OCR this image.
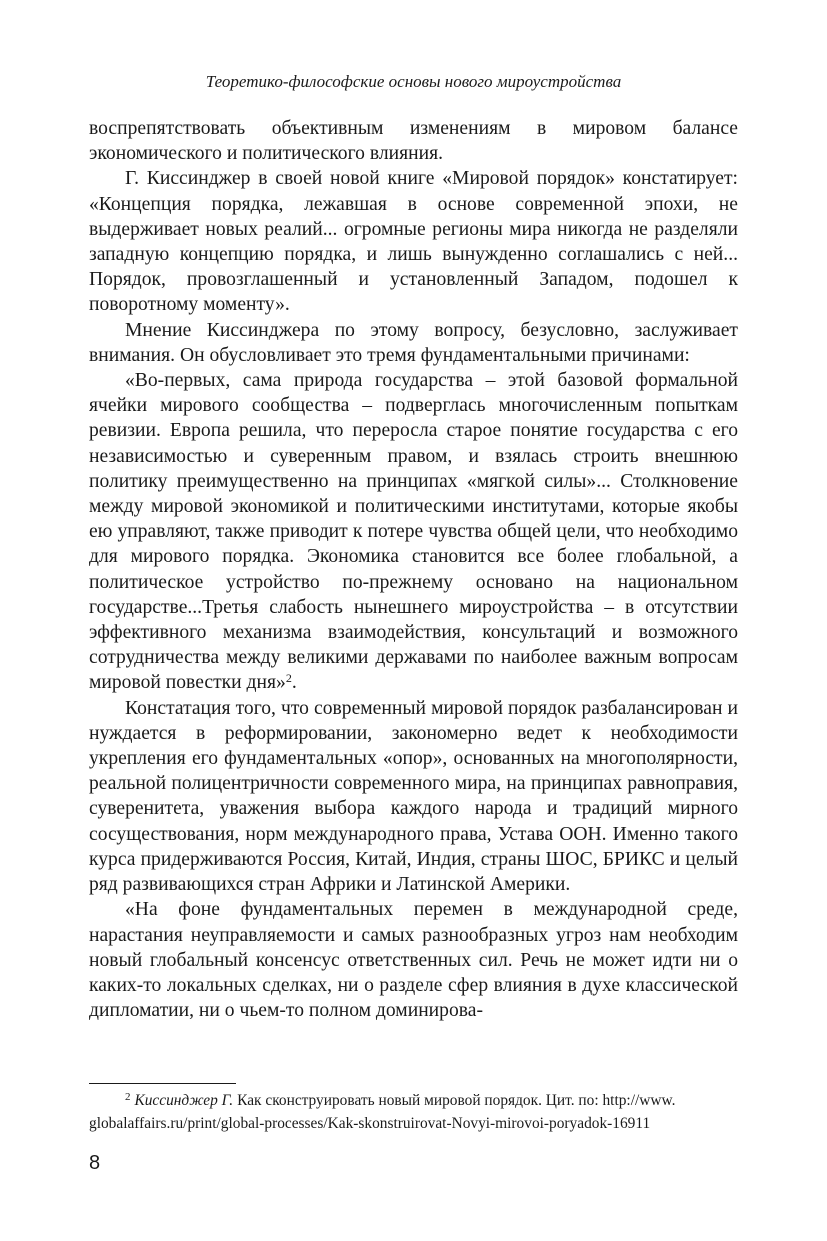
Теоретико-философские основы нового мироустройства

воспрепятствовать объективным изменениям в мировом балансе экономического и политического влияния.

Г. Киссинджер в своей новой книге «Мировой порядок» констатирует: «Концепция порядка, лежавшая в основе современной эпохи, не выдерживает новых реалий... огромные регионы мира никогда не разделяли западную концепцию порядка, и лишь вынужденно соглашались с ней... Порядок, провозглашенный и установленный Западом, подошел к поворотному моменту».

Мнение Киссинджера по этому вопросу, безусловно, заслуживает внимания. Он обусловливает это тремя фундаментальными причинами:

«Во-первых, сама природа государства – этой базовой формальной ячейки мирового сообщества – подверглась многочисленным попыткам ревизии. Европа решила, что переросла старое понятие государства с его независимостью и суверенным правом, и взялась строить внешнюю политику преимущественно на принципах «мягкой силы»... Столкновение между мировой экономикой и политическими институтами, которые якобы ею управляют, также приводит к потере чувства общей цели, что необходимо для мирового порядка. Экономика становится все более глобальной, а политическое устройство по-прежнему основано на национальном государстве...Третья слабость нынешнего мироустройства – в отсутствии эффективного механизма взаимодействия, консультаций и возможного сотрудничества между великими державами по наиболее важным вопросам мировой повестки дня»$^2$.

Констатация того, что современный мировой порядок разбалансирован и нуждается в реформировании, закономерно ведет к необходимости укрепления его фундаментальных «опор», основанных на многополярности, реальной полицентричности современного мира, на принципах равноправия, суверенитета, уважения выбора каждого народа и традиций мирного сосуществования, норм международного права, Устава ООН. Именно такого курса придерживаются Россия, Китай, Индия, страны ШОС, БРИКС и целый ряд развивающихся стран Африки и Латинской Америки.

«На фоне фундаментальных перемен в международной среде, нарастания неуправляемости и самых разнообразных угроз нам необходим новый глобальный консенсус ответственных сил. Речь не может идти ни о каких-то локальных сделках, ни о разделе сфер влияния в духе классической дипломатии, ни о чьем-то полном доминирова-

$^2$ Киссинджер Г. Как сконструировать новый мировой порядок. Цит. по: http://www.
globalaffairs.ru/print/global-processes/Kak-skonstruirovat-Novyi-mirovoi-poryadok-16911
8
